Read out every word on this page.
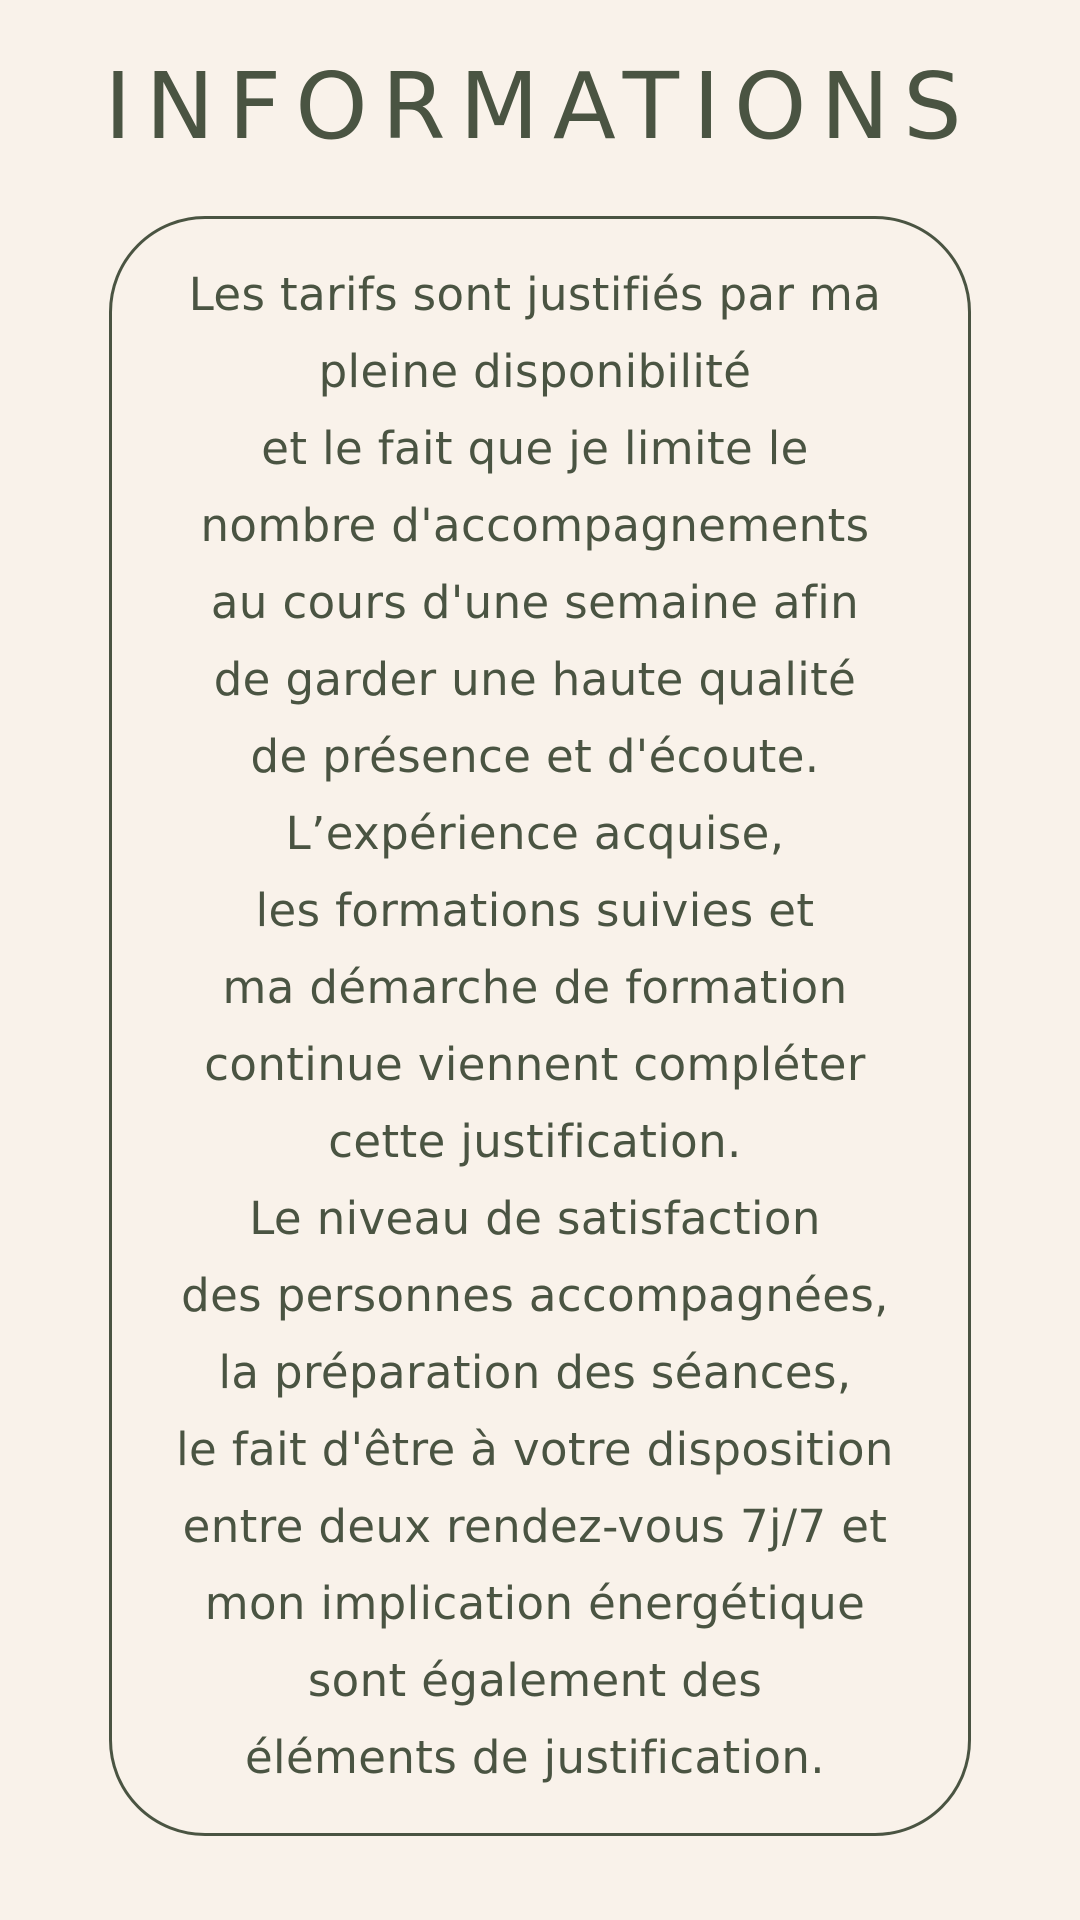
INFORMATIONS
Les tarifs sont justifiés par ma
pleine disponibilité
et le fait que je limite le
nombre d'accompagnements
au cours d'une semaine afin
de garder une haute qualité
de présence et d'écoute.
L’expérience acquise,
les formations suivies et
ma démarche de formation
continue viennent compléter
cette justification.
Le niveau de satisfaction
des personnes accompagnées,
la préparation des séances,
le fait d'être à votre disposition
entre deux rendez-vous 7j/7 et
mon implication énergétique
sont également des
éléments de justification.
